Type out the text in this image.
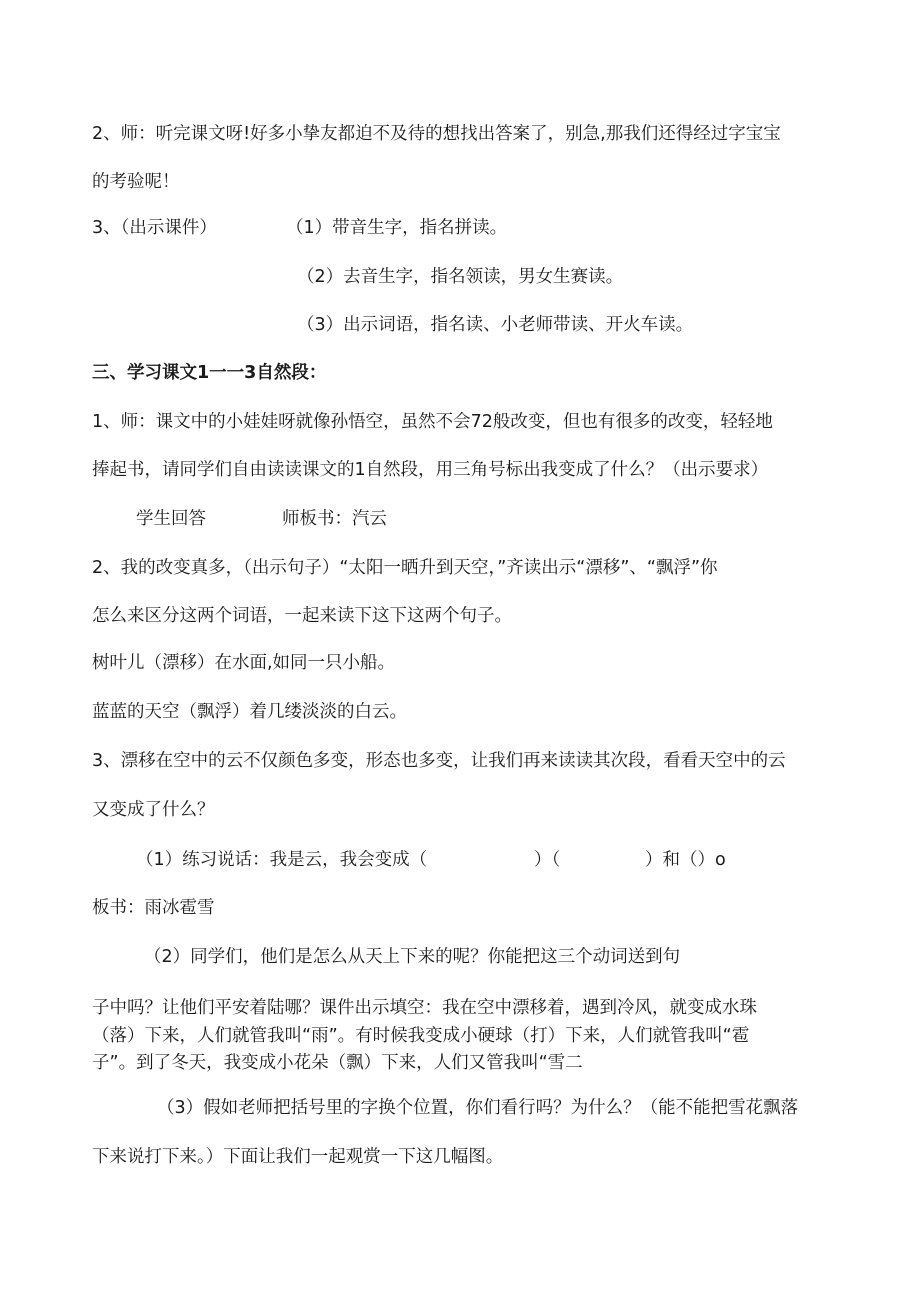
2、师：听完课文呀!好多小挚友都迫不及待的想找出答案了，别急,那我们还得经过字宝宝
的考验呢！
3、（出示课件）	（1）带音生字，指名拼读。
（2）去音生字，指名领读，男女生赛读。
（3）出示词语，指名读、小老师带读、开火车读。
三、学习课文1一一3自然段：
1、师：课文中的小娃娃呀就像孙悟空，虽然不会72般改变，但也有很多的改变，轻轻地
捧起书，请同学们自由读读课文的1自然段，用三角号标出我变成了什么？（出示要求）
学生回答	师板书：汽云
2、我的改变真多，（出示句子）“太阳一晒升到天空，”齐读出示“漂移”、“飘浮”你
怎么来区分这两个词语，一起来读下这下这两个句子。
树叶儿（漂移）在水面,如同一只小船。
蓝蓝的天空（飘浮）着几缕淡淡的白云。
3、漂移在空中的云不仅颜色多变，形态也多变，让我们再来读读其次段，看看天空中的云
又变成了什么？
（1）练习说话：我是云，我会变成（	）（	）和（）o
板书：雨冰雹雪
（2）同学们，他们是怎么从天上下来的呢？你能把这三个动词送到句
子中吗？让他们平安着陆哪？课件出示填空：我在空中漂移着，遇到冷风，就变成水珠
（落）下来，人们就管我叫“雨”。有时候我变成小硬球（打）下来，人们就管我叫“雹
子”。到了冬天，我变成小花朵（飘）下来，人们又管我叫“雪二
（3）假如老师把括号里的字换个位置，你们看行吗？为什么？（能不能把雪花飘落
下来说打下来。）下面让我们一起观赏一下这几幅图。
